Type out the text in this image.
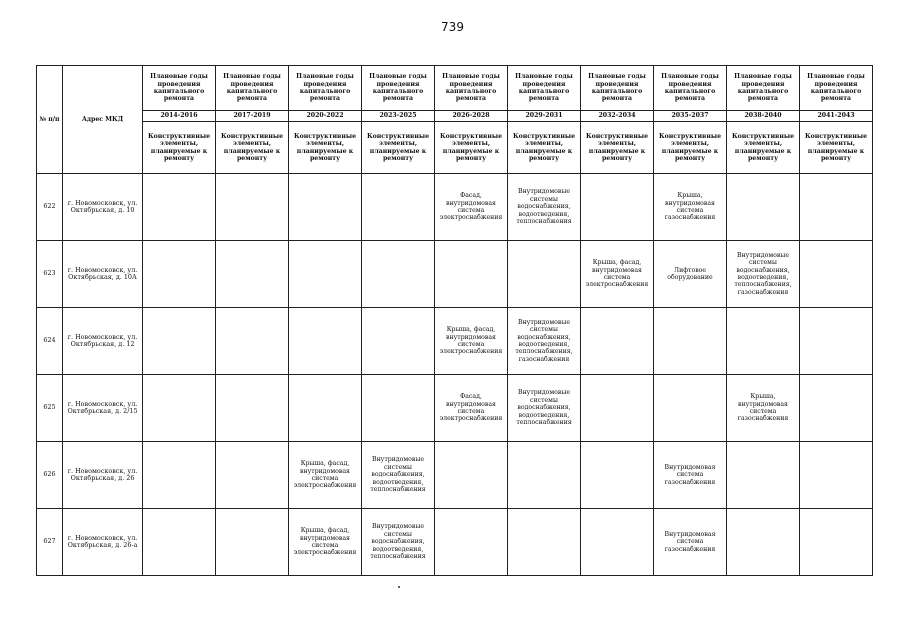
739
№ п/п	Адрес МКД	Плановые годы проведения капитального ремонта	Плановые годы проведения капитального ремонта	Плановые годы проведения капитального ремонта	Плановые годы проведения капитального ремонта	Плановые годы проведения капитального ремонта	Плановые годы проведения капитального ремонта	Плановые годы проведения капитального ремонта	Плановые годы проведения капитального ремонта	Плановые годы проведения капитального ремонта	Плановые годы проведения капитального ремонта
		2014-2016	2017-2019	2020-2022	2023-2025	2026-2028	2029-2031	2032-2034	2035-2037	2038-2040	2041-2043
		Конструктивные элементы, планируемые к ремонту	Конструктивные элементы, планируемые к ремонту	Конструктивные элементы, планируемые к ремонту	Конструктивные элементы, планируемые к ремонту	Конструктивные элементы, планируемые к ремонту	Конструктивные элементы, планируемые к ремонту	Конструктивные элементы, планируемые к ремонту	Конструктивные элементы, планируемые к ремонту	Конструктивные элементы, планируемые к ремонту	Конструктивные элементы, планируемые к ремонту
622	г. Новомосковск, ул. Октябрьская, д. 10					Фасад, внутридомовая система электроснабжения	Внутридомовые системы водоснабжения, водоотведения, теплоснабжения		Крыша, внутридомовая система газоснабжения		
623	г. Новомосковск, ул. Октябрьская, д. 10А							Крыша, фасад, внутридомовая система электроснабжения	Лифтовое оборудование	Внутридомовые системы водоснабжения, водоотведения, теплоснабжения, газоснабжения	
624	г. Новомосковск, ул. Октябрьская, д. 12					Крыша, фасад, внутридомовая система электроснабжения	Внутридомовые системы водоснабжения, водоотведения, теплоснабжения, газоснабжения				
625	г. Новомосковск, ул. Октябрьская, д. 2/15					Фасад, внутридомовая система электроснабжения	Внутридомовые системы водоснабжения, водоотведения, теплоснабжения			Крыша, внутридомовая система газоснабжения	
626	г. Новомосковск, ул. Октябрьская, д. 26			Крыша, фасад, внутридомовая система электроснабжения	Внутридомовые системы водоснабжения, водоотведения, теплоснабжения				Внутридомовая система газоснабжения		
627	г. Новомосковск, ул. Октябрьская, д. 26-а			Крыша, фасад, внутридомовая система электроснабжения	Внутридомовые системы водоснабжения, водоотведения, теплоснабжения				Внутридомовая система газоснабжения		
